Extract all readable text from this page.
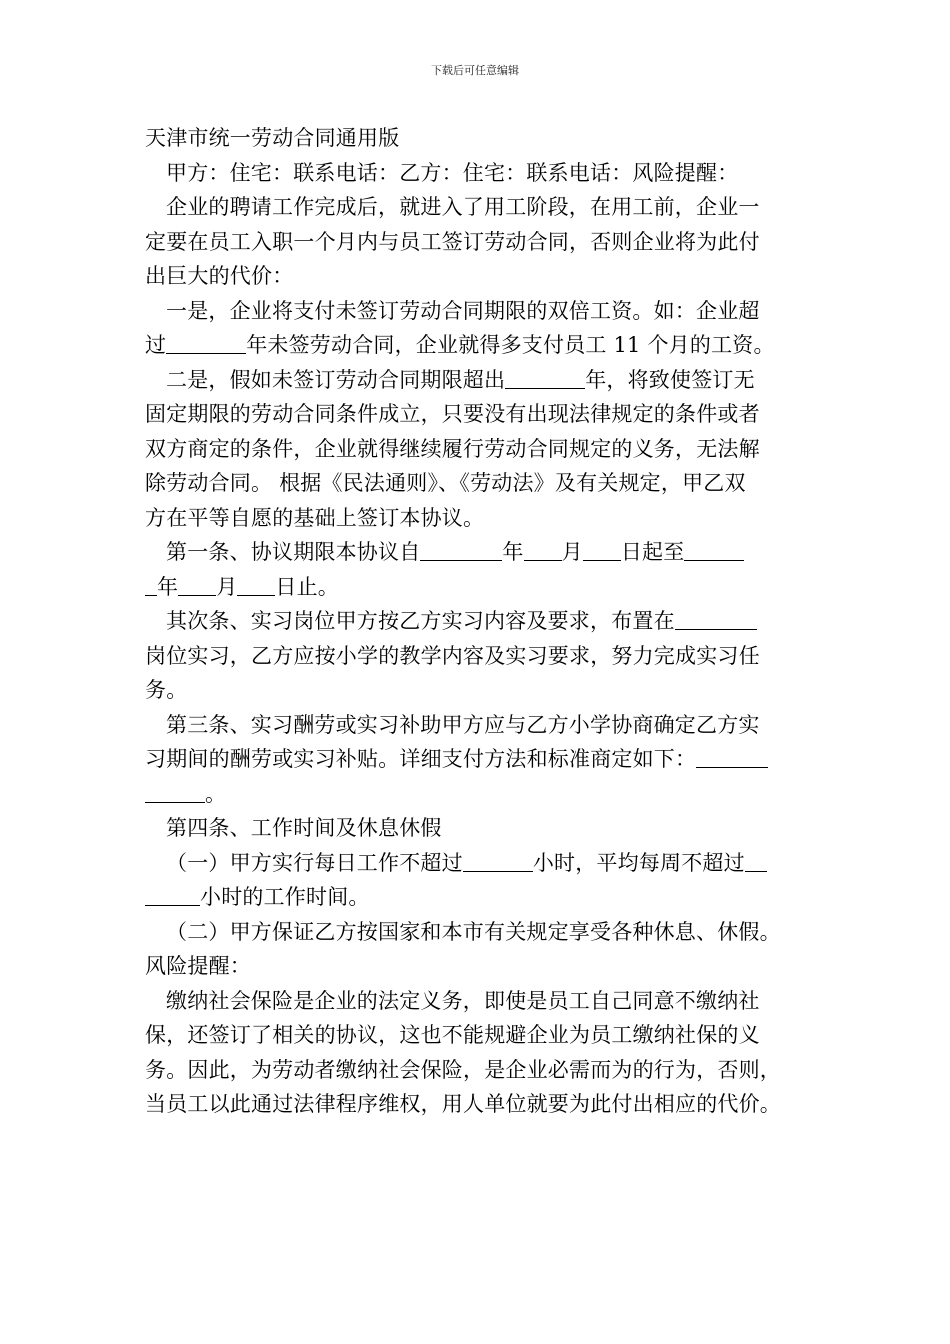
下载后可任意编辑

天津市统一劳动合同通用版

甲方：住宅：联系电话：乙方：住宅：联系电话：风险提醒：

企业的聘请工作完成后，就进入了用工阶段，在用工前，企业一

定要在员工入职一个月内与员工签订劳动合同，否则企业将为此付

出巨大的代价：

一是，企业将支付未签订劳动合同期限的双倍工资。如：企业超

过	年未签劳动合同，企业就得多支付员工 11 个月的工资。

二是，假如未签订劳动合同期限超出	年，将致使签订无

固定期限的劳动合同条件成立，只要没有出现法律规定的条件或者

双方商定的条件，企业就得继续履行劳动合同规定的义务，无法解

除劳动合同。 根据《民法通则》、《劳动法》及有关规定，甲乙双

方在平等自愿的基础上签订本协议。

第一条、协议期限本协议自	年 月 日起至

年 月 日止。

其次条、实习岗位甲方按乙方实习内容及要求，布置在

岗位实习，乙方应按小学的教学内容及实习要求，努力完成实习任

务。

第三条、实习酬劳或实习补助甲方应与乙方小学协商确定乙方实

习期间的酬劳或实习补贴。详细支付方法和标准商定如下：

。

第四条、工作时间及休息休假

（一）甲方实行每日工作不超过	小时，平均每周不超过

小时的工作时间。

（二）甲方保证乙方按国家和本市有关规定享受各种休息、休假。

风险提醒：

缴纳社会保险是企业的法定义务，即使是员工自己同意不缴纳社

保，还签订了相关的协议，这也不能规避企业为员工缴纳社保的义

务。因此，为劳动者缴纳社会保险，是企业必需而为的行为，否则，

当员工以此通过法律程序维权，用人单位就要为此付出相应的代价。
